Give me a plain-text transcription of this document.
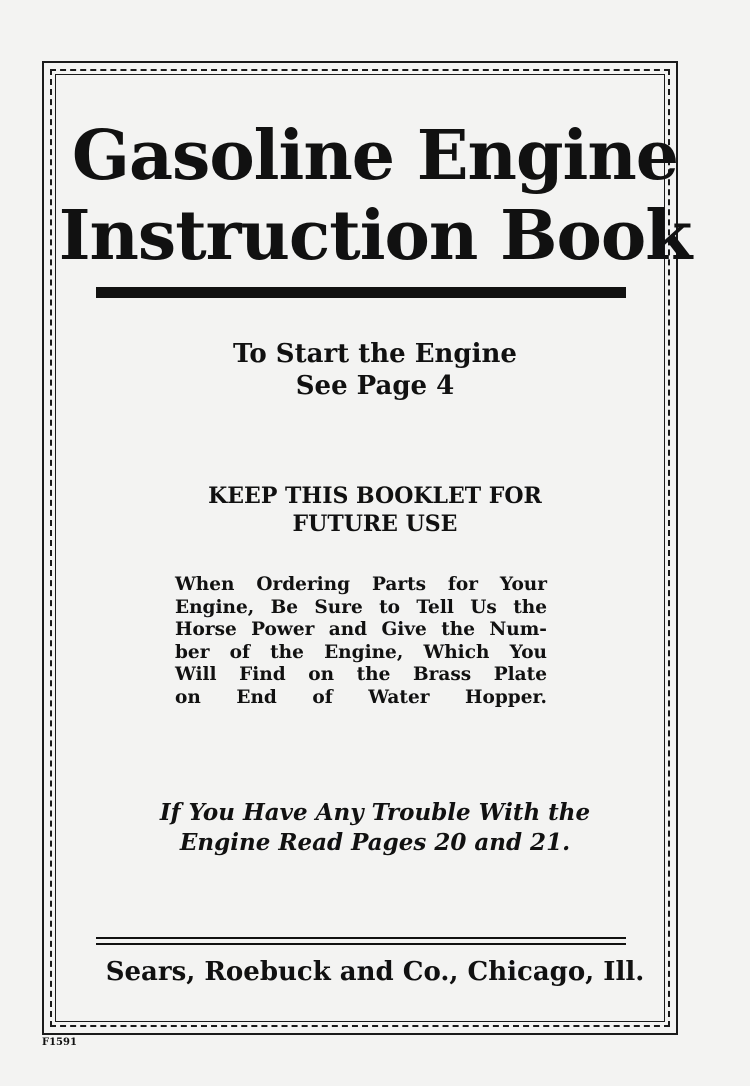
Gasoline Engine
Instruction Book
To Start the Engine
See Page 4
KEEP THIS BOOKLET FOR
FUTURE USE
When Ordering Parts for Your
Engine, Be Sure to Tell Us the
Horse Power and Give the Num-
ber of the Engine, Which You
Will Find on the Brass Plate
on End of Water Hopper.
If You Have Any Trouble With the
Engine Read Pages 20 and 21.
Sears, Roebuck and Co., Chicago, Ill.
F1591
